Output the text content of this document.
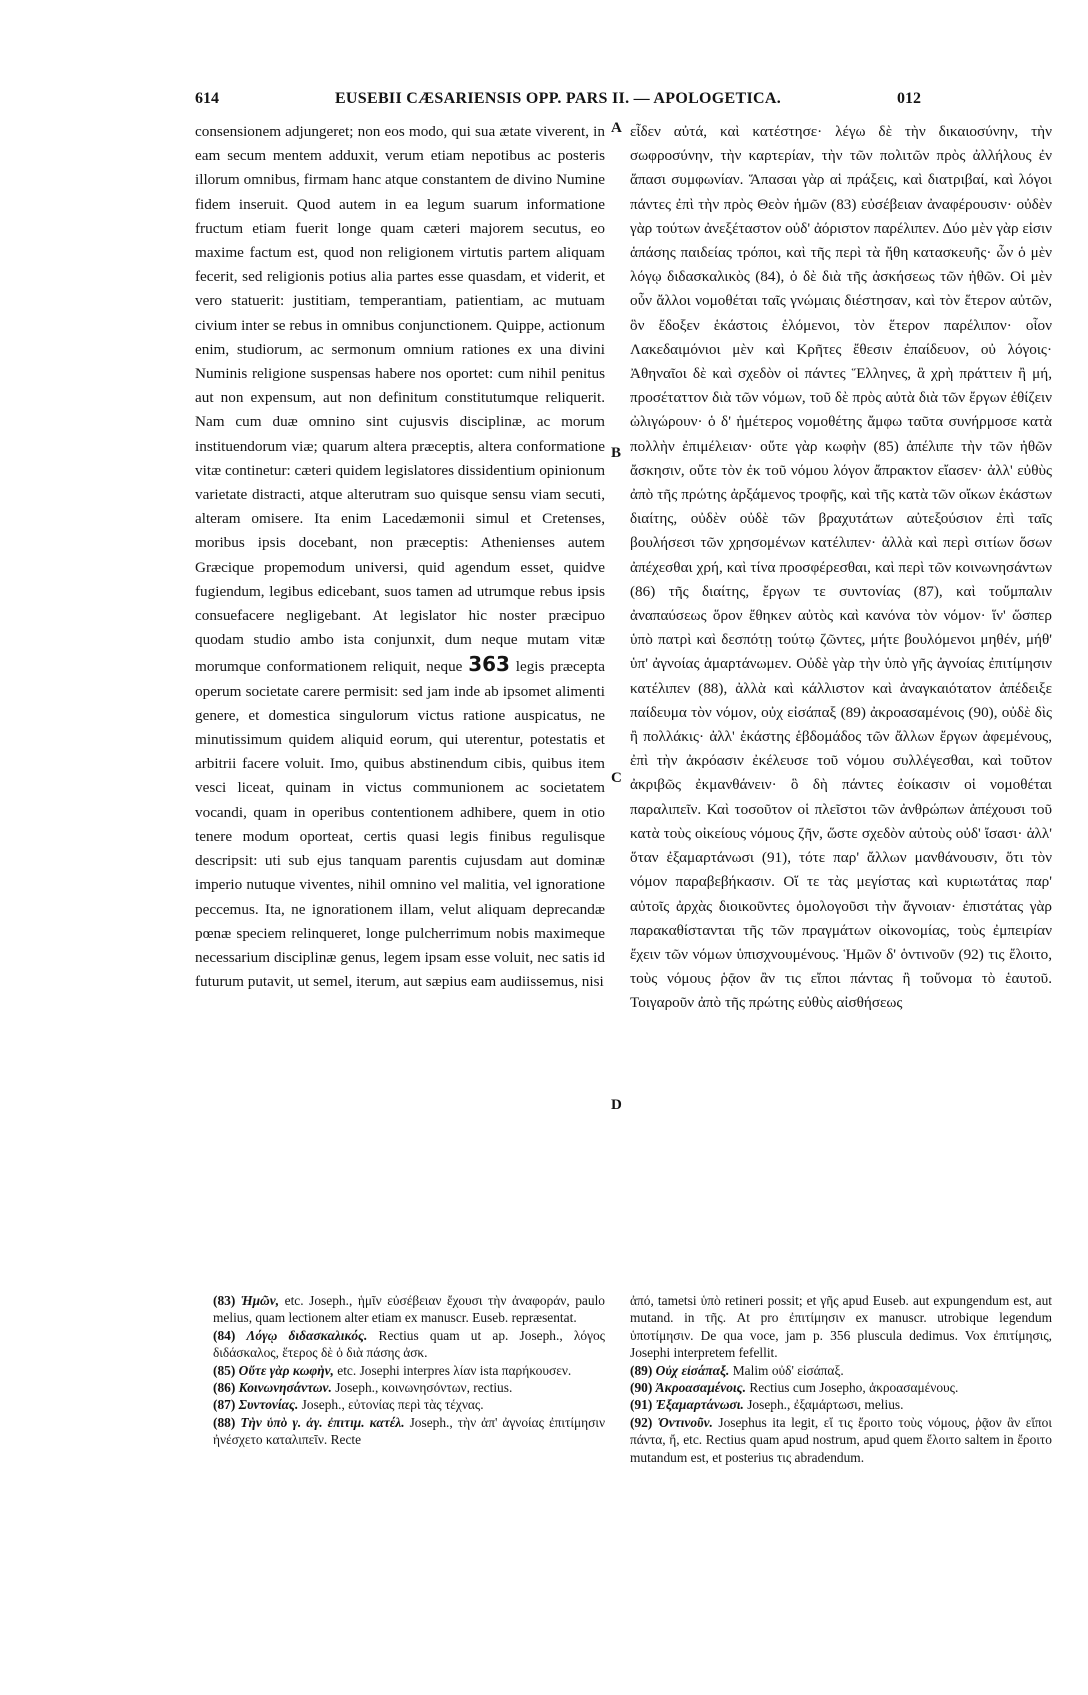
614	EUSEBII CÆSARIENSIS OPP. PARS II. — APOLOGETICA.	012

consensionem adjungeret; non eos modo, qui sua ætate viverent, in eam secum mentem adduxit, verum etiam nepotibus ac posteris illorum omnibus, firmam hanc atque constantem de divino Numine fidem inseruit. Quod autem in ea legum suarum informatione fructum etiam fuerit longe quam cæteri majorem secutus, eo maxime factum est, quod non religionem virtutis partem aliquam fecerit, sed religionis potius alia partes esse quasdam, et viderit, et vero statuerit: justitiam, temperantiam, patientiam, ac mutuam civium inter se rebus in omnibus conjunctionem. Quippe, actionum enim, studiorum, ac sermonum omnium rationes ex una divini Numinis religione suspensas habere nos oportet: cum nihil penitus aut non expensum, aut non definitum constitutumque reliquerit. Nam cum duæ omnino sint cujusvis disciplinæ, ac morum instituendorum viæ; quarum altera præceptis, altera conformatione vitæ continetur: cæteri quidem legislatores dissidentium opinionum varietate distracti, atque alterutram suo quisque sensu viam secuti, alteram omisere. Ita enim Lacedæmonii simul et Cretenses, moribus ipsis docebant, non præceptis: Athenienses autem Græcique propemodum universi, quid agendum esset, quidve fugiendum, legibus edicebant, suos tamen ad utrumque rebus ipsis consuefacere negligebant. At legislator hic noster præcipuo quodam studio ambo ista conjunxit, dum neque mutam vitæ morumque conformationem reliquit, neque 363 legis præcepta operum societate carere permisit: sed jam inde ab ipsomet alimenti genere, et domestica singulorum victus ratione auspicatus, ne minutissimum quidem aliquid eorum, qui uterentur, potestatis et arbitrii facere voluit. Imo, quibus abstinendum cibis, quibus item vesci liceat, quinam in victus communionem ac societatem vocandi, quam in operibus contentionem adhibere, quem in otio tenere modum oporteat, certis quasi legis finibus regulisque descripsit: uti sub ejus tanquam parentis cujusdam aut dominæ imperio nutuque viventes, nihil omnino vel malitia, vel ignoratione peccemus. Ita, ne ignorationem illam, velut aliquam deprecandæ pœnæ speciem relinqueret, longe pulcherrimum nobis maximeque necessarium disciplinæ genus, legem ipsam esse voluit, nec satis id futurum putavit, ut semel, iterum, aut sæpius eam audiissemus, nisi

A
B
C
D

εἶδεν αὐτά, καὶ κατέστησε· λέγω δὲ τὴν δικαιοσύνην, τὴν σωφροσύνην, τὴν καρτερίαν, τὴν τῶν πολιτῶν πρὸς ἀλλήλους ἐν ἅπασι συμφωνίαν. Ἅπασαι γὰρ αἱ πράξεις, καὶ διατριβαί, καὶ λόγοι πάντες ἐπὶ τὴν πρὸς Θεὸν ἡμῶν (83) εὐσέβειαν ἀναφέρουσιν· οὐδὲν γὰρ τούτων ἀνεξέταστον οὐδ' ἀόριστον παρέλιπεν. Δύο μὲν γὰρ εἰσιν ἁπάσης παιδείας τρόποι, καὶ τῆς περὶ τὰ ἤθη κατασκευῆς· ὧν ὁ μὲν λόγῳ διδασκαλικὸς (84), ὁ δὲ διὰ τῆς ἀσκήσεως τῶν ἠθῶν. Οἱ μὲν οὖν ἄλλοι νομοθέται ταῖς γνώμαις διέστησαν, καὶ τὸν ἕτερον αὐτῶν, ὃν ἔδοξεν ἑκάστοις ἑλόμενοι, τὸν ἕτερον παρέλιπον· οἷον Λακεδαιμόνιοι μὲν καὶ Κρῆτες ἔθεσιν ἐπαίδευον, οὐ λόγοις· Ἀθηναῖοι δὲ καὶ σχεδὸν οἱ πάντες Ἕλληνες, ἃ χρὴ πράττειν ἢ μή, προσέταττον διὰ τῶν νόμων, τοῦ δὲ πρὸς αὐτὰ διὰ τῶν ἔργων ἐθίζειν ὠλιγώρουν· ὁ δ' ἡμέτερος νομοθέτης ἄμφω ταῦτα συνήρμοσε κατὰ πολλὴν ἐπιμέλειαν· οὔτε γὰρ κωφὴν (85) ἀπέλιπε τὴν τῶν ἠθῶν ἄσκησιν, οὔτε τὸν ἐκ τοῦ νόμου λόγον ἄπρακτον εἴασεν· ἀλλ' εὐθὺς ἀπὸ τῆς πρώτης ἀρξάμενος τροφῆς, καὶ τῆς κατὰ τῶν οἴκων ἑκάστων διαίτης, οὐδὲν οὐδὲ τῶν βραχυτάτων αὐτεξούσιον ἐπὶ ταῖς βουλήσεσι τῶν χρησομένων κατέλιπεν· ἀλλὰ καὶ περὶ σιτίων ὅσων ἀπέχεσθαι χρή, καὶ τίνα προσφέρεσθαι, καὶ περὶ τῶν κοινωνησάντων (86) τῆς διαίτης, ἔργων τε συντονίας (87), καὶ τοὔμπαλιν ἀναπαύσεως ὅρον ἔθηκεν αὐτὸς καὶ κανόνα τὸν νόμον· ἵν' ὥσπερ ὑπὸ πατρὶ καὶ δεσπότῃ τούτῳ ζῶντες, μήτε βουλόμενοι μηθέν, μήθ' ὑπ' ἀγνοίας ἁμαρτάνωμεν. Οὐδὲ γὰρ τὴν ὑπὸ γῆς ἀγνοίας ἐπιτίμησιν κατέλιπεν (88), ἀλλὰ καὶ κάλλιστον καὶ ἀναγκαιότατον ἀπέδειξε παίδευμα τὸν νόμον, οὐχ εἰσάπαξ (89) ἀκροασαμένοις (90), οὐδὲ δὶς ἢ πολλάκις· ἀλλ' ἑκάστης ἑβδομάδος τῶν ἄλλων ἔργων ἀφεμένους, ἐπὶ τὴν ἀκρόασιν ἐκέλευσε τοῦ νόμου συλλέγεσθαι, καὶ τοῦτον ἀκριβῶς ἐκμανθάνειν· ὃ δὴ πάντες ἐοίκασιν οἱ νομοθέται παραλιπεῖν. Καὶ τοσοῦτον οἱ πλεῖστοι τῶν ἀνθρώπων ἀπέχουσι τοῦ κατὰ τοὺς οἰκείους νόμους ζῆν, ὥστε σχεδὸν αὐτοὺς οὐδ' ἴσασι· ἀλλ' ὅταν ἐξαμαρτάνωσι (91), τότε παρ' ἄλλων μανθάνουσιν, ὅτι τὸν νόμον παραβεβήκασιν. Οἵ τε τὰς μεγίστας καὶ κυριωτάτας παρ' αὐτοῖς ἀρχὰς διοικοῦντες ὁμολογοῦσι τὴν ἄγνοιαν· ἐπιστάτας γὰρ παρακαθίστανται τῆς τῶν πραγμάτων οἰκονομίας, τοὺς ἐμπειρίαν ἔχειν τῶν νόμων ὑπισχνουμένους. Ἡμῶν δ' ὁντινοῦν (92) τις ἔλοιτο, τοὺς νόμους ῥᾷον ἂν τις εἴποι πάντας ἢ τοὔνομα τὸ ἑαυτοῦ. Τοιγαροῦν ἀπὸ τῆς πρώτης εὐθὺς αἰσθήσεως

(83) Ἡμῶν, etc. Joseph., ἡμῖν εὐσέβειαν ἔχουσι τὴν ἀναφοράν, paulo melius, quam lectionem alter etiam ex manuscr. Euseb. repræsentat.

(84) Λόγῳ διδασκαλικός. Rectius quam ut ap. Joseph., λόγος διδάσκαλος, ἕτερος δὲ ὁ διὰ πάσης ἀσκ.

(85) Οὔτε γὰρ κωφὴν, etc. Josephi interpres λίαν ista παρήκουσεν.

(86) Κοινωνησάντων. Joseph., κοινωνησόντων, rectius.

(87) Συντονίας. Joseph., εὐτονίας περὶ τὰς τέχνας.

(88) Τὴν ὑπὸ γ. ἀγ. ἐπιτιμ. κατέλ. Joseph., τὴν ἀπ' ἀγνοίας ἐπιτίμησιν ἠνέσχετο καταλιπεῖν. Recte

ἀπό, tametsi ὑπὸ retineri possit; et γῆς apud Euseb. aut expungendum est, aut mutand. in τῆς. At pro ἐπιτίμησιν ex manuscr. utrobique legendum ὑποτίμησιν. De qua voce, jam p. 356 pluscula dedimus. Vox ἐπιτίμησις, Josephi interpretem fefellit.

(89) Οὐχ εἰσάπαξ. Malim οὐδ' εἰσάπαξ.

(90) Ἀκροασαμένοις. Rectius cum Josepho, ἀκροασαμένους.

(91) Ἐξαμαρτάνωσι. Joseph., ἐξαμάρτωσι, melius.

(92) Ὁντινοῦν. Josephus ita legit, εἴ τις ἔροιτο τοὺς νόμους, ῥᾷον ἂν εἴποι πάντα, ἤ, etc. Rectius quam apud nostrum, apud quem ἕλοιτο saltem in ἔροιτο mutandum est, et posterius τις abradendum.
